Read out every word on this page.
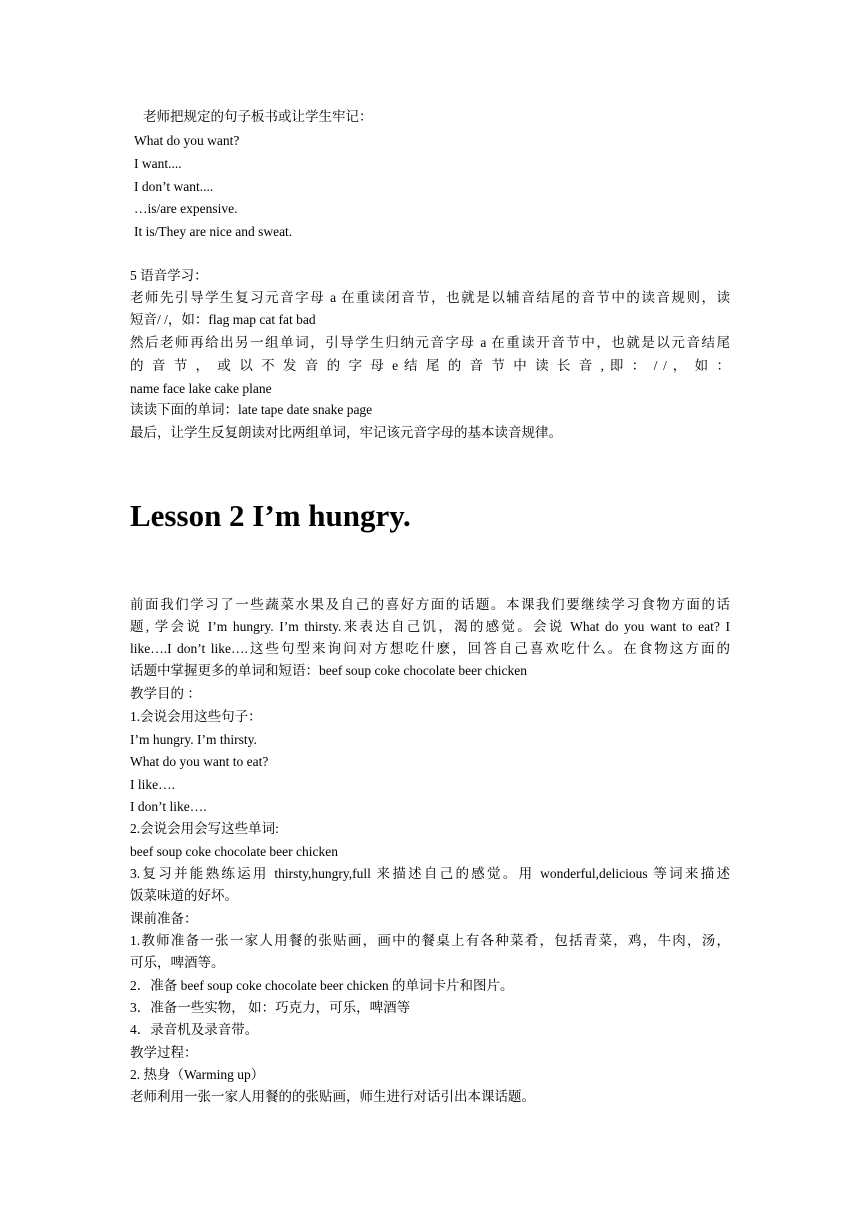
老师把规定的句子板书或让学生牢记：
What do you want?
I want....
I don’t want....
…is/are expensive.
It is/They are nice and sweat.
5 语音学习：
老师先引导学生复习元音字母 a 在重读闭音节，也就是以辅音结尾的音节中的读音规则，读
短音/ /，如：flag map cat fat bad
然后老师再给出另一组单词，引导学生归纳元音字母 a 在重读开音节中，也就是以元音结尾
的 音 节 ， 或 以 不 发 音 的 字 母 e 结 尾 的 音 节 中 读 长 音 , 即 ： / / ， 如 ：
name face lake cake plane
读读下面的单词：late tape date snake page
最后，让学生反复朗读对比两组单词，牢记该元音字母的基本读音规律。
Lesson 2 I’m hungry.
前面我们学习了一些蔬菜水果及自己的喜好方面的话题。本课我们要继续学习食物方面的话
题, 学会说 I’m hungry. I’m thirsty.来表达自己饥，渴的感觉。会说 What do you want to eat? I
like….I don’t like….这些句型来询问对方想吃什麽，回答自己喜欢吃什么。在食物这方面的
话题中掌握更多的单词和短语：beef soup coke chocolate beer chicken
教学目的 ：
1.会说会用这些句子：
I’m hungry. I’m thirsty.
What do you want to eat?
I like….
I don’t like….
2.会说会用会写这些单词:
beef soup coke chocolate beer chicken
3.复习并能熟练运用 thirsty,hungry,full 来描述自己的感觉。用 wonderful,delicious 等词来描述
饭菜味道的好坏。
课前准备：
1.教师准备一张一家人用餐的张贴画，画中的餐桌上有各种菜肴，包括青菜，鸡，牛肉，汤，
可乐，啤酒等。
2．准备 beef soup coke chocolate beer chicken 的单词卡片和图片。
3．准备一些实物， 如：巧克力，可乐，啤酒等
4．录音机及录音带。
教学过程：
2. 热身（Warming up）
老师利用一张一家人用餐的的张贴画，师生进行对话引出本课话题。
